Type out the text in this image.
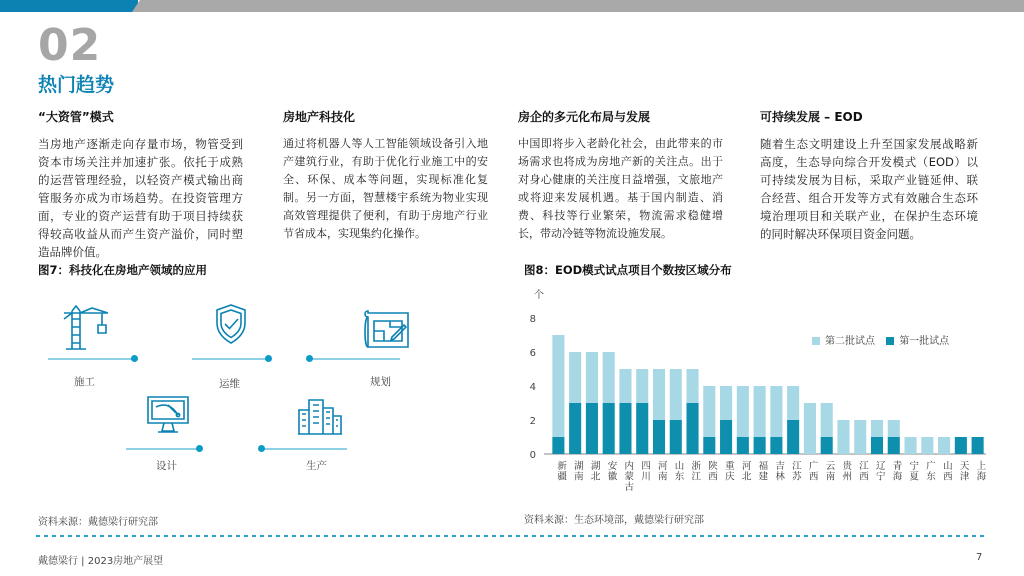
02
热门趋势
“大资管”模式

当房地产逐渐走向存量市场，物管受到资本市场关注并加速扩张。依托于成熟的运营管理经验，以轻资产模式输出商管服务亦成为市场趋势。在投资管理方面，专业的资产运营有助于项目持续获得较高收益从而产生资产溢价，同时塑造品牌价值。

房地产科技化

通过将机器人等人工智能领域设备引入地产建筑行业，有助于优化行业施工中的安全、环保、成本等问题，实现标准化复制。另一方面，智慧楼宇系统为物业实现高效管理提供了便利，有助于房地产行业节省成本，实现集约化操作。

房企的多元化布局与发展

中国即将步入老龄化社会，由此带来的市场需求也将成为房地产新的关注点。出于对身心健康的关注度日益增强，文旅地产或将迎来发展机遇。基于国内制造、消费、科技等行业繁荣，物流需求稳健增长，带动冷链等物流设施发展。

可持续发展 – EOD

随着生态文明建设上升至国家发展战略新高度，生态导向综合开发模式（EOD）以可持续发展为目标，采取产业链延伸、联合经营、组合开发等方式有效融合生态环境治理项目和关联产业，在保护生态环境的同时解决环保项目资金问题。

图7：科技化在房地产领域的应用
施工	运维	规划
设计	生产
资料来源：戴德梁行研究部
图8：EOD模式试点项目个数按区域分布
个
0
2
4
6
8
新疆
湖南
湖北
安徽
内蒙古
四川
河南
山东
浙江
陕西
重庆
河北
福建
吉林
江苏
广西
云南
贵州
江西
辽宁
青海
宁夏
广东
山西
天津
上海
第二批试点 第一批试点
资料来源：生态环境部，戴德梁行研究部
戴德梁行 | 2023房地产展望	7
